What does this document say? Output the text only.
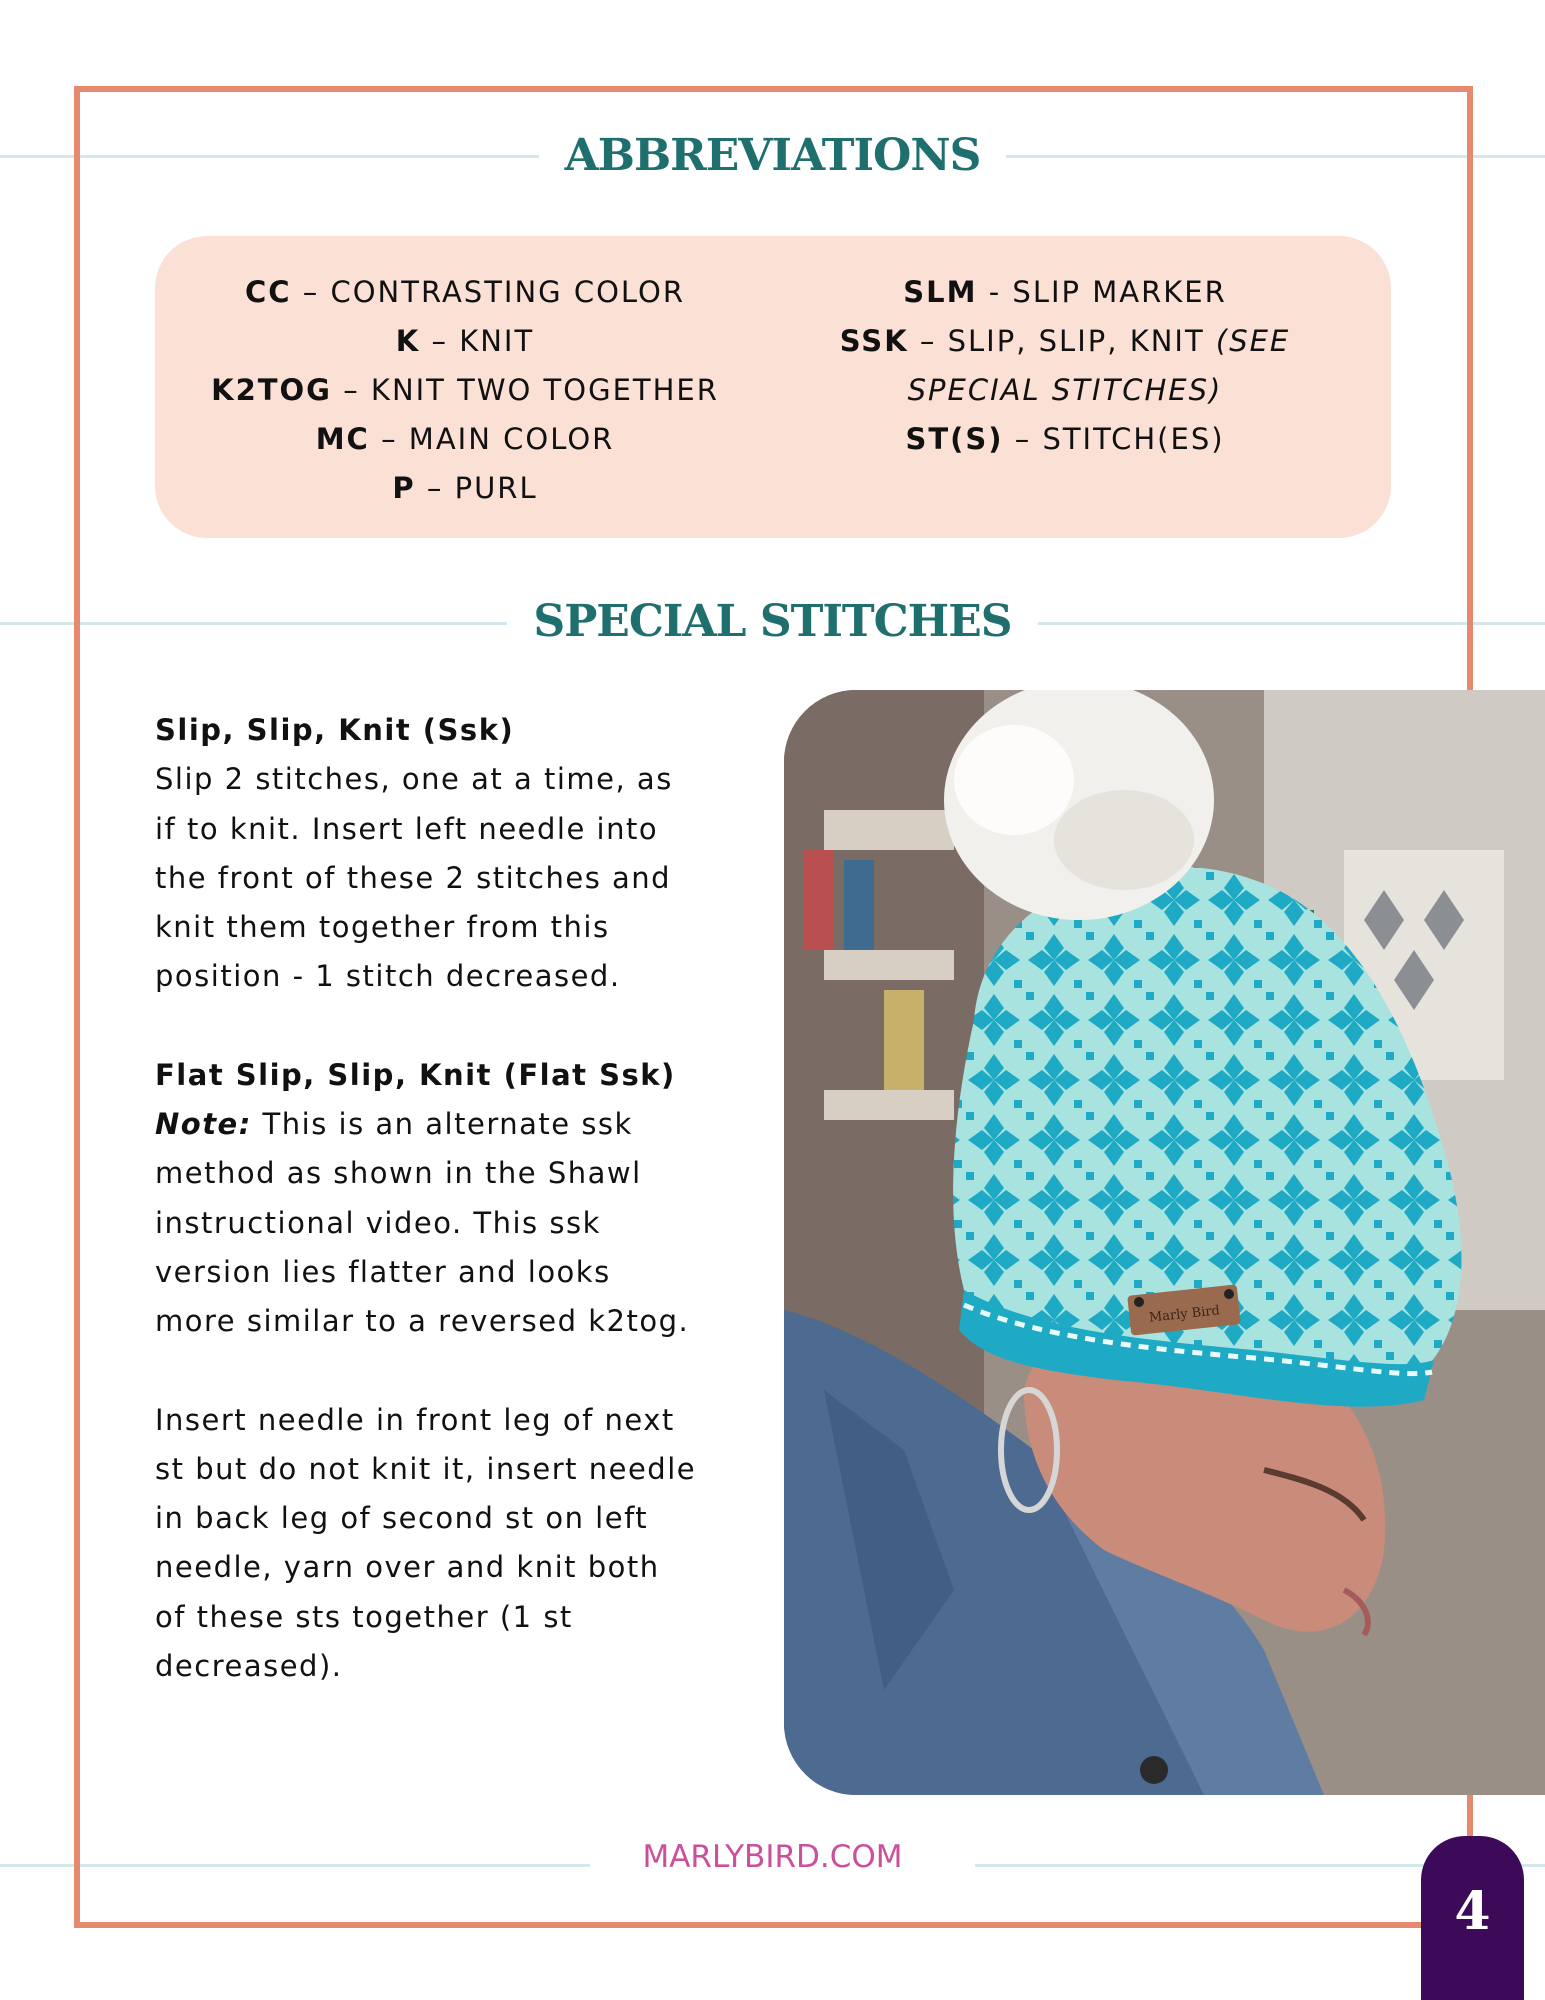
ABBREVIATIONS
CC – CONTRASTING COLOR
K – KNIT
K2TOG – KNIT TWO TOGETHER
MC – MAIN COLOR
P – PURL
SLM - SLIP MARKER
SSK – SLIP, SLIP, KNIT (SEE
SPECIAL STITCHES)
ST(S) – STITCH(ES)
SPECIAL STITCHES

Slip, Slip, Knit (Ssk)

Slip 2 stitches, one at a time, as

if to knit. Insert left needle into

the front of these 2 stitches and

knit them together from this

position - 1 stitch decreased.

Flat Slip, Slip, Knit (Flat Ssk)

Note: This is an alternate ssk

method as shown in the Shawl

instructional video. This ssk

version lies flatter and looks

more similar to a reversed k2tog.

Insert needle in front leg of next

st but do not knit it, insert needle

in back leg of second st on left

needle, yarn over and knit both

of these sts together (1 st

decreased).

Marly Bird
MARLYBIRD.COM
4
